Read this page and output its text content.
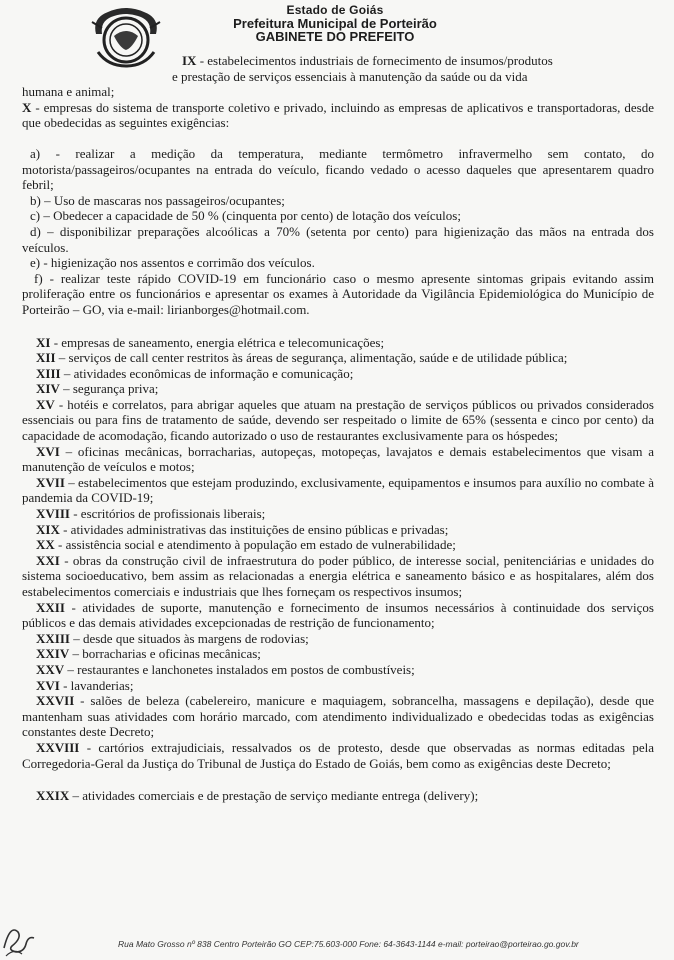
Estado de Goiás
Prefeitura Municipal de Porteirão
GABINETE DO PREFEITO

IX - estabelecimentos industriais de fornecimento de insumos/produtos

e prestação de serviços essenciais à manutenção da saúde ou da vida

humana e animal;

X - empresas do sistema de transporte coletivo e privado, incluindo as empresas de aplicativos e transportadoras, desde que obedecidas as seguintes exigências:

a) - realizar a medição da temperatura, mediante termômetro infravermelho sem contato, do motorista/passageiros/ocupantes na entrada do veículo, ficando vedado o acesso daqueles que apresentarem quadro febril;

b) – Uso de mascaras nos passageiros/ocupantes;

c) – Obedecer a capacidade de 50 % (cinquenta por cento) de lotação dos veículos;

d) – disponibilizar preparações alcoólicas a 70% (setenta por cento) para higienização das mãos na entrada dos veículos.

e) - higienização nos assentos e corrimão dos veículos.

f) - realizar teste rápido COVID-19 em funcionário caso o mesmo apresente sintomas gripais evitando assim proliferação entre os funcionários e apresentar os exames à Autoridade da Vigilância Epidemiológica do Município de Porteirão – GO, via e-mail: lirianborges@hotmail.com.

XI - empresas de saneamento, energia elétrica e telecomunicações;

XII – serviços de call center restritos às áreas de segurança, alimentação, saúde e de utilidade pública;

XIII – atividades econômicas de informação e comunicação;

XIV – segurança priva;

XV - hotéis e correlatos, para abrigar aqueles que atuam na prestação de serviços públicos ou privados considerados essenciais ou para fins de tratamento de saúde, devendo ser respeitado o limite de 65% (sessenta e cinco por cento) da capacidade de acomodação, ficando autorizado o uso de restaurantes exclusivamente para os hóspedes;

XVI – oficinas mecânicas, borracharias, autopeças, motopeças, lavajatos e demais estabelecimentos que visam a manutenção de veículos e motos;

XVII – estabelecimentos que estejam produzindo, exclusivamente, equipamentos e insumos para auxílio no combate à pandemia da COVID-19;

XVIII - escritórios de profissionais liberais;

XIX - atividades administrativas das instituições de ensino públicas e privadas;

XX - assistência social e atendimento à população em estado de vulnerabilidade;

XXI - obras da construção civil de infraestrutura do poder público, de interesse social, penitenciárias e unidades do sistema socioeducativo, bem assim as relacionadas a energia elétrica e saneamento básico e as hospitalares, além dos estabelecimentos comerciais e industriais que lhes forneçam os respectivos insumos;

XXII - atividades de suporte, manutenção e fornecimento de insumos necessários à continuidade dos serviços públicos e das demais atividades excepcionadas de restrição de funcionamento;

XXIII – desde que situados às margens de rodovias;

XXIV – borracharias e oficinas mecânicas;

XXV – restaurantes e lanchonetes instalados em postos de combustíveis;

XVI - lavanderias;

XXVII - salões de beleza (cabelereiro, manicure e maquiagem, sobrancelha, massagens e depilação), desde que mantenham suas atividades com horário marcado, com atendimento individualizado e obedecidas todas as exigências constantes deste Decreto;

XXVIII - cartórios extrajudiciais, ressalvados os de protesto, desde que observadas as normas editadas pela Corregedoria-Geral da Justiça do Tribunal de Justiça do Estado de Goiás, bem como as exigências deste Decreto;

XXIX – atividades comerciais e de prestação de serviço mediante entrega (delivery);

Rua Mato Grosso nº 838 Centro Porteirão GO CEP:75.603-000 Fone: 64-3643-1144 e-mail: porteirao@porteirao.go.gov.br
